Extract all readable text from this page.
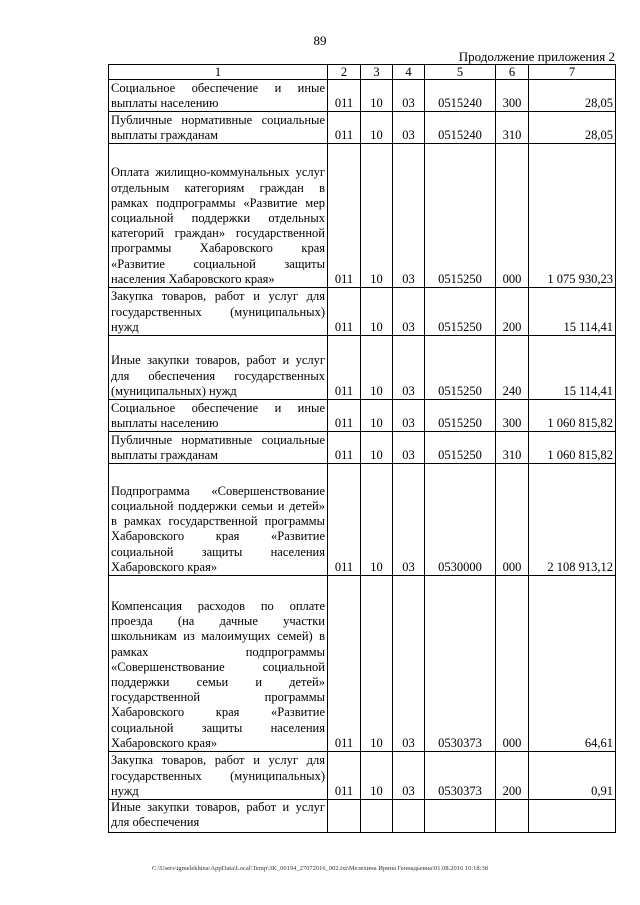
89
Продолжение приложения 2
1	2	3	4	5	6	7
Социальное обеспечение и иные выплаты населению	011	10	03	0515240	300	28,05
Публичные нормативные социальные выплаты гражданам	011	10	03	0515240	310	28,05
Оплата жилищно-коммунальных услуг отдельным категориям граждан в рамках подпрограммы «Развитие мер социальной поддержки отдельных категорий граждан» государственной программы Хабаровского края «Развитие социальной защиты населения Хабаровского края»	011	10	03	0515250	000	1 075 930,23
Закупка товаров, работ и услуг для государственных (муниципальных) нужд	011	10	03	0515250	200	15 114,41
Иные закупки товаров, работ и услуг для обеспечения государственных (муниципальных) нужд	011	10	03	0515250	240	15 114,41
Социальное обеспечение и иные выплаты населению	011	10	03	0515250	300	1 060 815,82
Публичные нормативные социальные выплаты гражданам	011	10	03	0515250	310	1 060 815,82
Подпрограмма «Совершенствование социальной поддержки семьи и детей» в рамках государственной программы Хабаровского края «Развитие социальной защиты населения Хабаровского края»	011	10	03	0530000	000	2 108 913,12
Компенсация расходов по оплате проезда (на дачные участки школьникам из малоимущих семей) в рамках подпрограммы «Совершенствование социальной поддержки семьи и детей» государственной программы Хабаровского края «Развитие социальной защиты населения Хабаровского края»	011	10	03	0530373	000	64,61
Закупка товаров, работ и услуг для государственных (муниципальных) нужд	011	10	03	0530373	200	0,91
Иные закупки товаров, работ и услуг для обеспечения						
C:\Users\tgmelekhina\AppData\Local\Temp\3K_00194_27072016_002.txt\Мелехина Ирина Геннадьевна\01.08.2016 10:18:38
